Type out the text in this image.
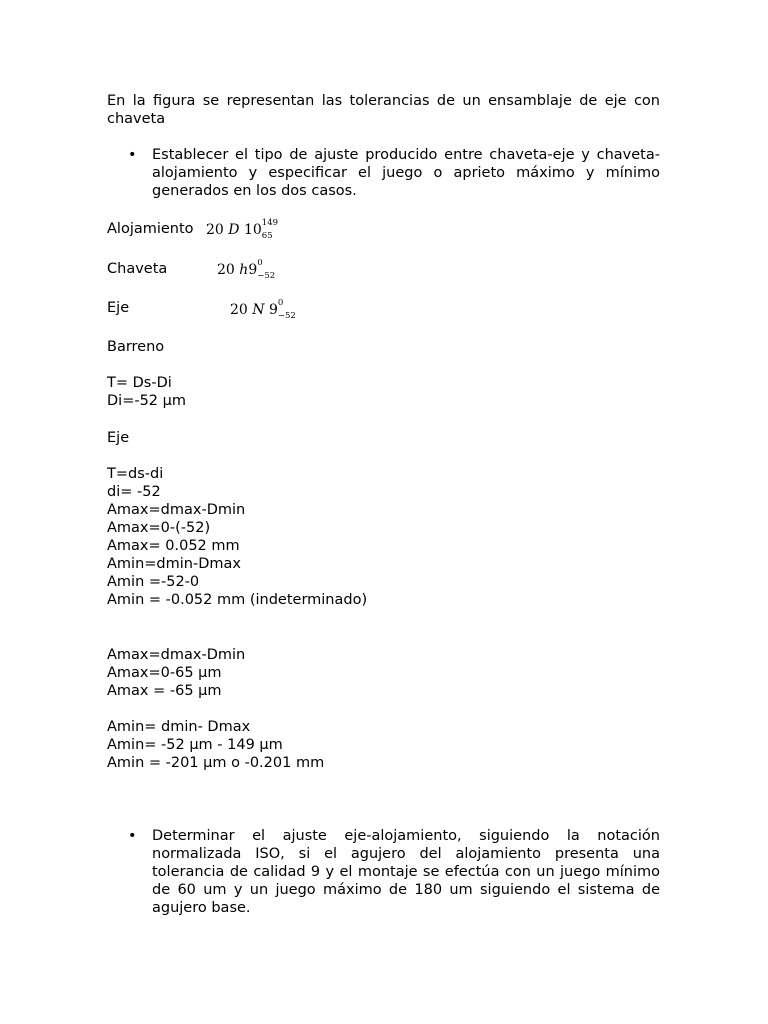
En la figura se representan las tolerancias de un ensamblaje de eje con chaveta
• Establecer el tipo de ajuste producido entre chaveta-eje y chaveta-alojamiento y especificar el juego o aprieto máximo y mínimo generados en los dos casos.
Alojamiento 20 D 10 149
65
Chaveta	20 h9 0
−52
Eje	20 N 9 0
−52
Barreno
T= Ds-Di
Di=-52 µm
Eje
T=ds-di
di= -52
Amax=dmax-Dmin
Amax=0-(-52)
Amax= 0.052 mm
Amin=dmin-Dmax
Amin =-52-0
Amin = -0.052 mm (indeterminado)
Amax=dmax-Dmin
Amax=0-65 µm
Amax = -65 µm
Amin= dmin- Dmax
Amin= -52 µm - 149 µm
Amin = -201 µm o -0.201 mm
• Determinar el ajuste eje-alojamiento, siguiendo la notación normalizada ISO, si el agujero del alojamiento presenta una tolerancia de calidad 9 y el montaje se efectúa con un juego mínimo de 60 um y un juego máximo de 180 um siguiendo el sistema de agujero base.
